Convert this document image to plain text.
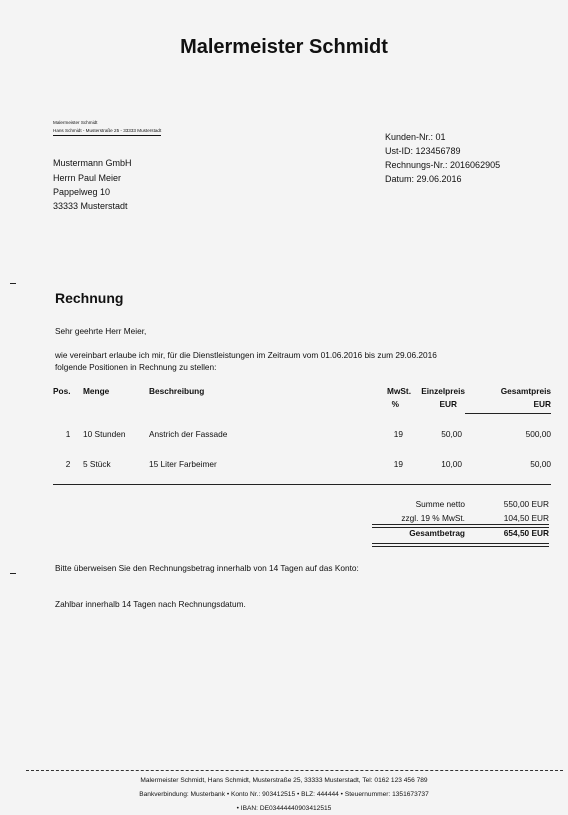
Malermeister Schmidt
Malermeister Schmidt
Hans Schmidt - Musterstraße 25 - 33333 Musterstadt
Mustermann GmbH
Herrn Paul Meier
Pappelweg 10
33333 Musterstadt
Kunden-Nr.: 01
Ust-ID: 123456789
Rechnungs-Nr.: 2016062905
Datum: 29.06.2016
Rechnung
Sehr geehrte Herr Meier,
wie vereinbart erlaube ich mir, für die Dienstleistungen im Zeitraum vom 01.06.2016 bis zum 29.06.2016
folgende Positionen in Rechnung zu stellen:
Pos.	Menge	Beschreibung	MwSt.	Einzelpreis	Gesamtpreis
			%	EUR	EUR

1	10 Stunden	Anstrich der Fassade	19	50,00	500,00
2	5 Stück	15 Liter Farbeimer	19	10,00	50,00
Summe netto	550,00 EUR
zzgl. 19 % MwSt.	104,50 EUR
Gesamtbetrag	654,50 EUR
Bitte überweisen Sie den Rechnungsbetrag innerhalb von 14 Tagen auf das Konto:
Zahlbar innerhalb 14 Tagen nach Rechnungsdatum.
Malermeister Schmidt, Hans Schmidt, Musterstraße 25, 33333 Musterstadt, Tel: 0162 123 456 789
Bankverbindung: Musterbank • Konto Nr.: 903412515 • BLZ: 444444 • Steuernummer: 1351673737
• IBAN: DE03444440903412515
